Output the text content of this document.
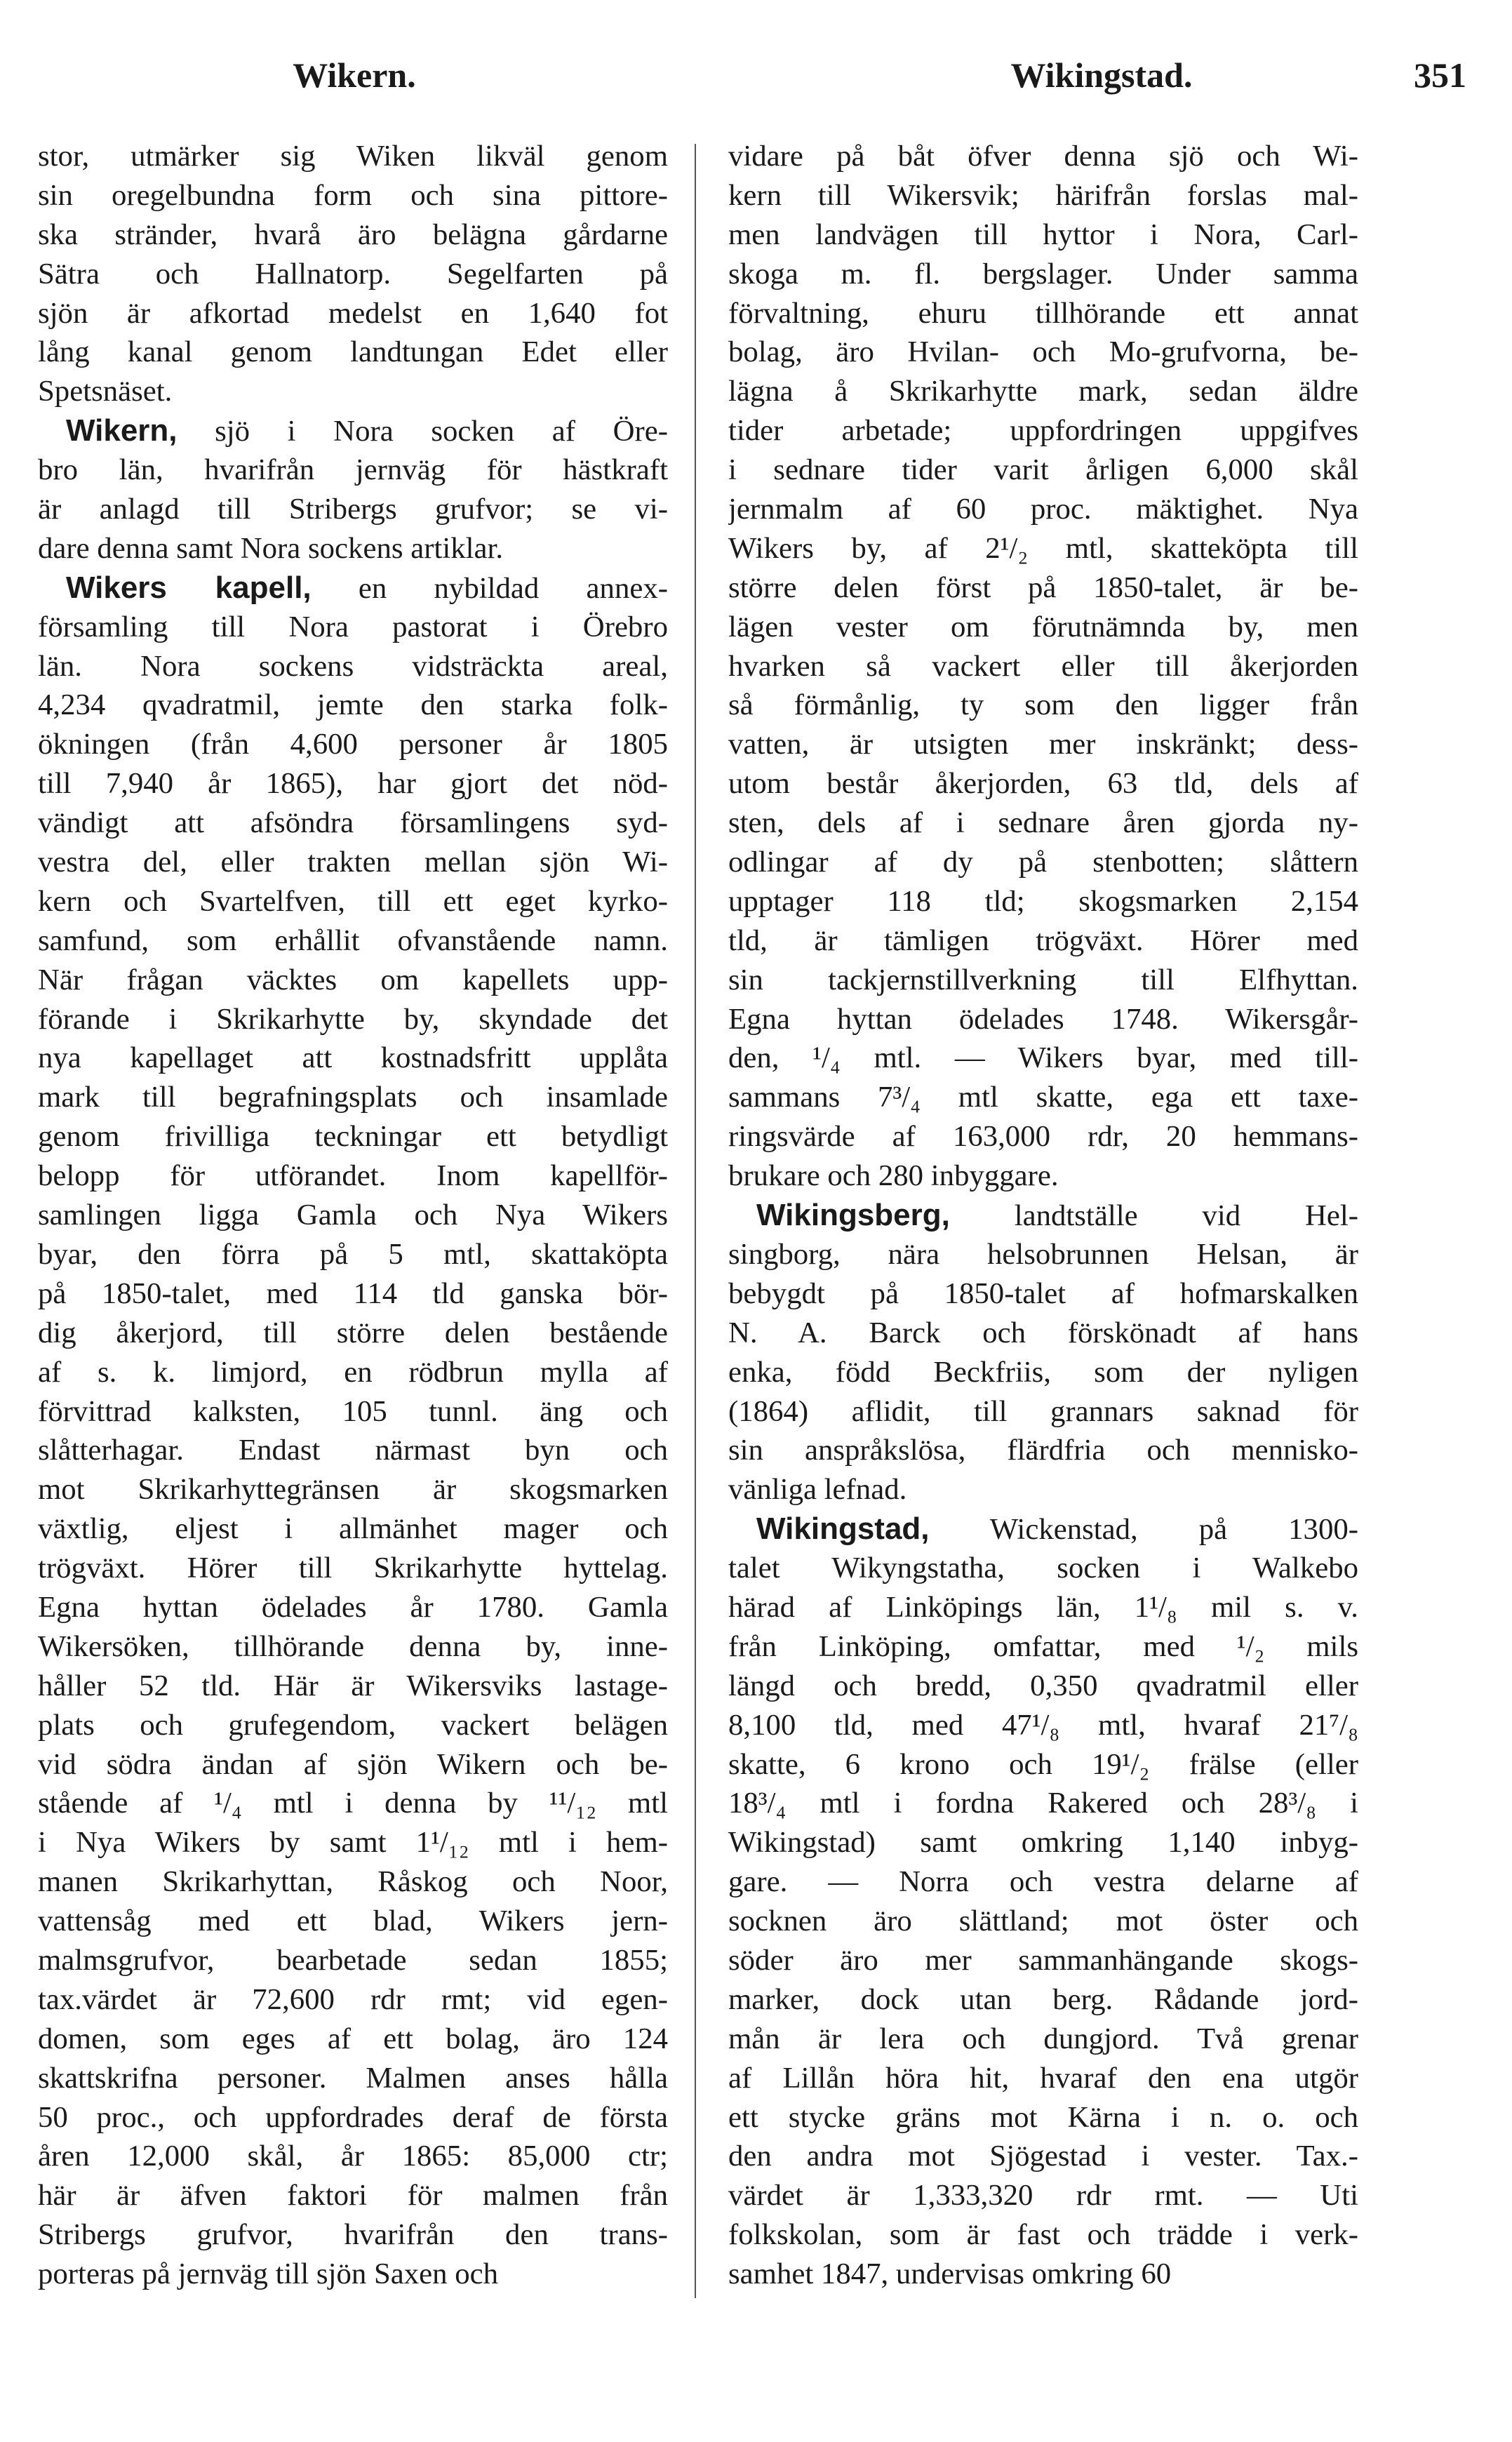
Wikern.	Wikingstad.	351
stor, utmärker sig Wiken likväl genom
sin oregelbundna form och sina pittore-
ska stränder, hvarå äro belägna gårdarne
Sätra och Hallnatorp. Segelfarten på
sjön är afkortad medelst en 1,640 fot
lång kanal genom landtungan Edet eller
Spetsnäset.
Wikern, sjö i Nora socken af Öre-
bro län, hvarifrån jernväg för hästkraft
är anlagd till Stribergs grufvor; se vi-
dare denna samt Nora sockens artiklar.
Wikers kapell, en nybildad annex-
församling till Nora pastorat i Örebro
län. Nora sockens vidsträckta areal,
4,234 qvadratmil, jemte den starka folk-
ökningen (från 4,600 personer år 1805
till 7,940 år 1865), har gjort det nöd-
vändigt att afsöndra församlingens syd-
vestra del, eller trakten mellan sjön Wi-
kern och Svartelfven, till ett eget kyrko-
samfund, som erhållit ofvanstående namn.
När frågan väcktes om kapellets upp-
förande i Skrikarhytte by, skyndade det
nya kapellaget att kostnadsfritt upplåta
mark till begrafningsplats och insamlade
genom frivilliga teckningar ett betydligt
belopp för utförandet. Inom kapellför-
samlingen ligga Gamla och Nya Wikers
byar, den förra på 5 mtl, skattaköpta
på 1850-talet, med 114 tld ganska bör-
dig åkerjord, till större delen bestående
af s. k. limjord, en rödbrun mylla af
förvittrad kalksten, 105 tunnl. äng och
slåtterhagar. Endast närmast byn och
mot Skrikarhyttegränsen är skogsmarken
växtlig, eljest i allmänhet mager och
trögväxt. Hörer till Skrikarhytte hyttelag.
Egna hyttan ödelades år 1780. Gamla
Wikersöken, tillhörande denna by, inne-
håller 52 tld. Här är Wikersviks lastage-
plats och grufegendom, vackert belägen
vid södra ändan af sjön Wikern och be-
stående af ¹/₄ mtl i denna by ¹¹/₁₂ mtl
i Nya Wikers by samt 1¹/₁₂ mtl i hem-
manen Skrikarhyttan, Råskog och Noor,
vattensåg med ett blad, Wikers jern-
malmsgrufvor, bearbetade sedan 1855;
tax.värdet är 72,600 rdr rmt; vid egen-
domen, som eges af ett bolag, äro 124
skattskrifna personer. Malmen anses hålla
50 proc., och uppfordrades deraf de första
åren 12,000 skål, år 1865: 85,000 ctr;
här är äfven faktori för malmen från
Stribergs grufvor, hvarifrån den trans-
porteras på jernväg till sjön Saxen och
vidare på båt öfver denna sjö och Wi-
kern till Wikersvik; härifrån forslas mal-
men landvägen till hyttor i Nora, Carl-
skoga m. fl. bergslager. Under samma
förvaltning, ehuru tillhörande ett annat
bolag, äro Hvilan- och Mo-grufvorna, be-
lägna å Skrikarhytte mark, sedan äldre
tider arbetade; uppfordringen uppgifves
i sednare tider varit årligen 6,000 skål
jernmalm af 60 proc. mäktighet. Nya
Wikers by, af 2¹/₂ mtl, skatteköpta till
större delen först på 1850-talet, är be-
lägen vester om förutnämnda by, men
hvarken så vackert eller till åkerjorden
så förmånlig, ty som den ligger från
vatten, är utsigten mer inskränkt; dess-
utom består åkerjorden, 63 tld, dels af
sten, dels af i sednare åren gjorda ny-
odlingar af dy på stenbotten; slåttern
upptager 118 tld; skogsmarken 2,154
tld, är tämligen trögväxt. Hörer med
sin tackjernstillverkning till Elfhyttan.
Egna hyttan ödelades 1748. Wikersgår-
den, ¹/₄ mtl. — Wikers byar, med till-
sammans 7³/₄ mtl skatte, ega ett taxe-
ringsvärde af 163,000 rdr, 20 hemmans-
brukare och 280 inbyggare.
Wikingsberg, landtställe vid Hel-
singborg, nära helsobrunnen Helsan, är
bebygdt på 1850-talet af hofmarskalken
N. A. Barck och förskönadt af hans
enka, född Beckfriis, som der nyligen
(1864) aflidit, till grannars saknad för
sin anspråkslösa, flärdfria och mennisko-
vänliga lefnad.
Wikingstad, Wickenstad, på 1300-
talet Wikyngstatha, socken i Walkebo
härad af Linköpings län, 1¹/₈ mil s. v.
från Linköping, omfattar, med ¹/₂ mils
längd och bredd, 0,350 qvadratmil eller
8,100 tld, med 47¹/₈ mtl, hvaraf 21⁷/₈
skatte, 6 krono och 19¹/₂ frälse (eller
18³/₄ mtl i fordna Rakered och 28³/₈ i
Wikingstad) samt omkring 1,140 inbyg-
gare. — Norra och vestra delarne af
socknen äro slättland; mot öster och
söder äro mer sammanhängande skogs-
marker, dock utan berg. Rådande jord-
mån är lera och dungjord. Två grenar
af Lillån höra hit, hvaraf den ena utgör
ett stycke gräns mot Kärna i n. o. och
den andra mot Sjögestad i vester. Tax.-
värdet är 1,333,320 rdr rmt. — Uti
folkskolan, som är fast och trädde i verk-
samhet 1847, undervisas omkring 60
